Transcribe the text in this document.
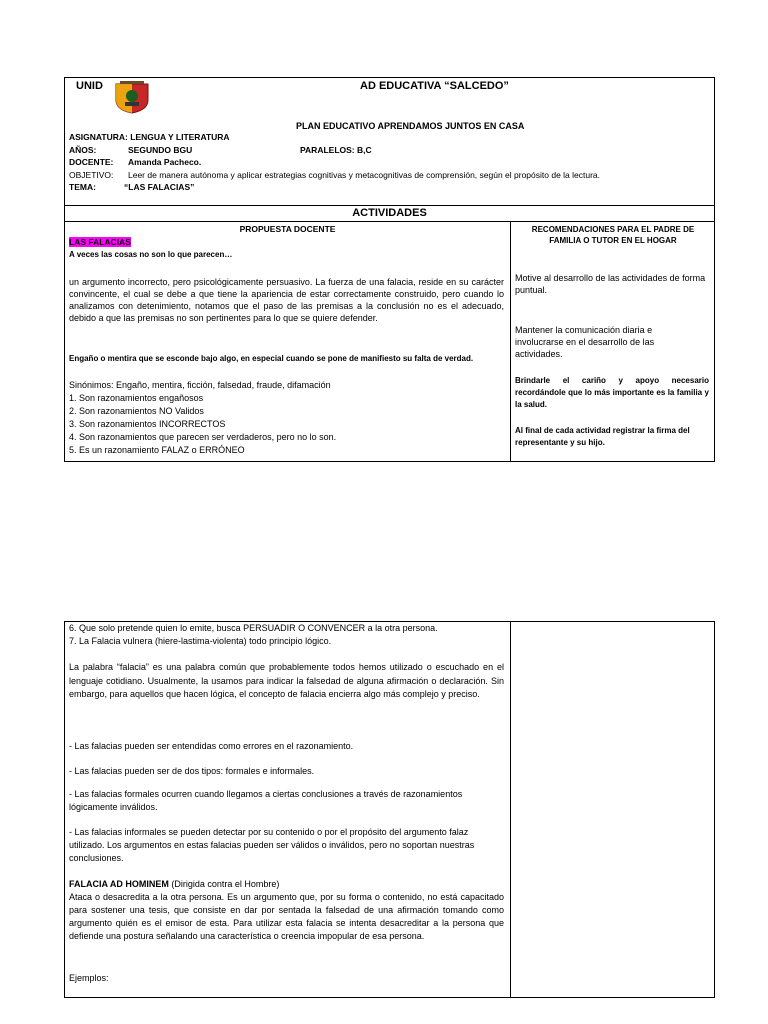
UNID	AD EDUCATIVA “SALCEDO”
PLAN EDUCATIVO APRENDAMOS JUNTOS EN CASA
ASIGNATURA: LENGUA Y LITERATURA
AÑOS:	SEGUNDO BGU	PARALELOS: B,C
DOCENTE: Amanda Pacheco.
OBJETIVO: Leer de manera autónoma y aplicar estrategias cognitivas y metacognitivas de comprensión, según el propósito de la lectura.
TEMA:	“LAS FALACIAS”
ACTIVIDADES
PROPUESTA DOCENTE	RECOMENDACIONES PARA EL PADRE DE FAMILIA O TUTOR EN EL HOGAR
LAS FALACIAS
A veces las cosas no son lo que parecen…
un argumento incorrecto, pero psicológicamente persuasivo. La fuerza de una falacia, reside en su carácter convincente, el cual se debe a que tiene la apariencia de estar correctamente construido, pero cuando lo analizamos con detenimiento, notamos que el paso de las premisas a la conclusión no es el adecuado, debido a que las premisas no son pertinentes para lo que se quiere defender.
Engaño o mentira que se esconde bajo algo, en especial cuando se pone de manifiesto su falta de verdad.
Sinónimos: Engaño, mentira, ficción, falsedad, fraude, difamación
1. Son razonamientos engañosos
2. Son razonamientos NO Validos
3. Son razonamientos INCORRECTOS
4. Son razonamientos que parecen ser verdaderos, pero no lo son.
5. Es un razonamiento FALAZ o ERRÓNEO
Motive al desarrollo de las actividades de forma puntual.
Mantener la comunicación diaria e involucrarse en el desarrollo de las actividades.
Brindarle el cariño y apoyo necesario recordándole que lo más importante es la familia y la salud.
Al final de cada actividad registrar la firma del representante y su hijo.
6. Que solo pretende quien lo emite, busca PERSUADIR O CONVENCER a la otra persona.
7. La Falacia vulnera (hiere-lastima-violenta) todo principio lógico.
La palabra “falacia” es una palabra común que probablemente todos hemos utilizado o escuchado en el lenguaje cotidiano. Usualmente, la usamos para indicar la falsedad de alguna afirmación o declaración. Sin embargo, para aquellos que hacen lógica, el concepto de falacia encierra algo más complejo y preciso.
- Las falacias pueden ser entendidas como errores en el razonamiento.
- Las falacias pueden ser de dos tipos: formales e informales.
- Las falacias formales ocurren cuando llegamos a ciertas conclusiones a través de razonamientos lógicamente inválidos.
- Las falacias informales se pueden detectar por su contenido o por el propósito del argumento falaz utilizado. Los argumentos en estas falacias pueden ser válidos o inválidos, pero no soportan nuestras conclusiones.
FALACIA AD HOMINEM (Dirigida contra el Hombre)
Ataca o desacredita a la otra persona. Es un argumento que, por su forma o contenido, no está capacitado para sostener una tesis, que consiste en dar por sentada la falsedad de una afirmación tomando como argumento quién es el emisor de esta. Para utilizar esta falacia se intenta desacreditar a la persona que defiende una postura señalando una característica o creencia impopular de esa persona.
Ejemplos:
